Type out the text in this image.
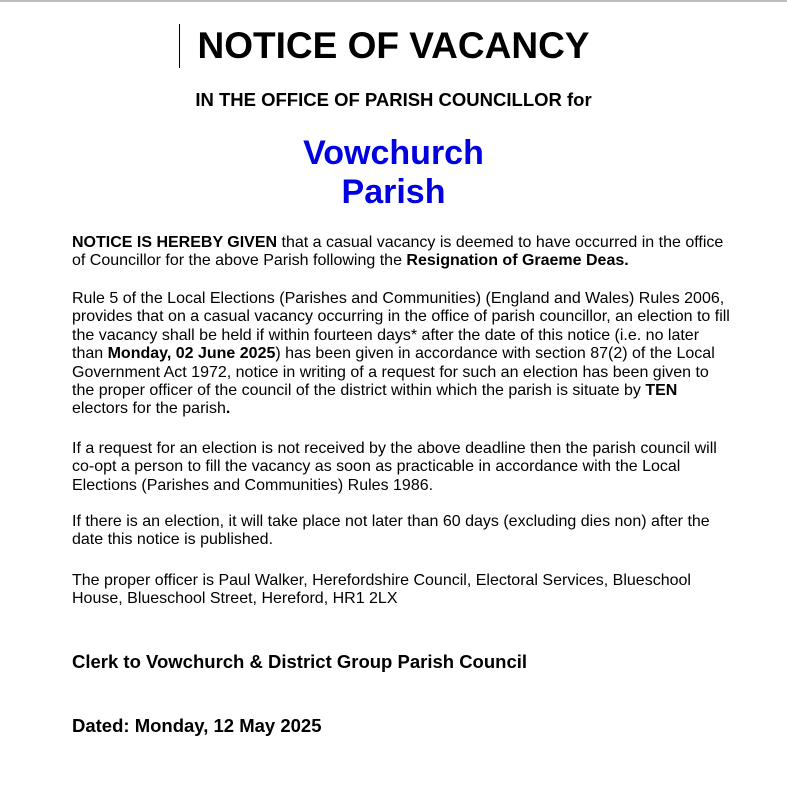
NOTICE OF VACANCY
IN THE OFFICE OF PARISH COUNCILLOR for
Vowchurch
Parish

NOTICE IS HEREBY GIVEN that a casual vacancy is deemed to have occurred in the office of Councillor for the above Parish following the Resignation of Graeme Deas.

Rule 5 of the Local Elections (Parishes and Communities) (England and Wales) Rules 2006, provides that on a casual vacancy occurring in the office of parish councillor, an election to fill the vacancy shall be held if within fourteen days* after the date of this notice (i.e. no later than Monday, 02 June 2025) has been given in accordance with section 87(2) of the Local Government Act 1972, notice in writing of a request for such an election has been given to the proper officer of the council of the district within which the parish is situate by TEN electors for the parish.

If a request for an election is not received by the above deadline then the parish council will co-opt a person to fill the vacancy as soon as practicable in accordance with the Local Elections (Parishes and Communities) Rules 1986.

If there is an election, it will take place not later than 60 days (excluding dies non) after the date this notice is published.

The proper officer is Paul Walker, Herefordshire Council, Electoral Services, Blueschool House, Blueschool Street, Hereford, HR1 2LX

Clerk to Vowchurch & District Group Parish Council

Dated: Monday, 12 May 2025
